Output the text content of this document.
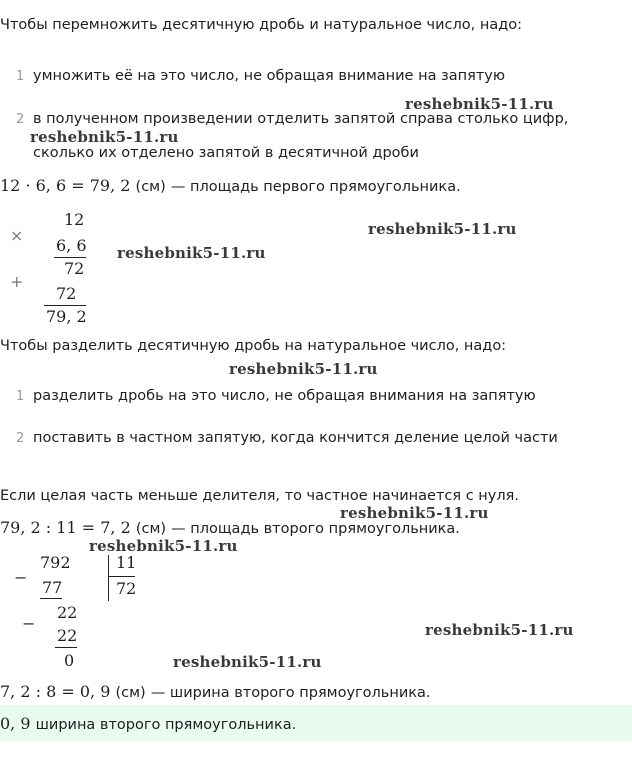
Чтобы перемножить десятичную дробь и натуральное число, надо:
1 умножить её на это число, не обращая внимание на запятую
2 в полученном произведении отделить запятой справа столько цифр,
сколько их отделено запятой в десятичной дроби
12 · 6, 6 = 79, 2 (см) — площадь первого прямоугольника.
×
12
6, 6
72
+
72
79, 2
Чтобы разделить десятичную дробь на натуральное число, надо:
1 разделить дробь на это число, не обращая внимания на запятую
2 поставить в частном запятую, когда кончится деление целой части
Если целая часть меньше делителя, то частное начинается с нуля.
79, 2 : 11 = 7, 2 (см) — площадь второго прямоугольника.
−
792
77
11
72
−
22
22
0
7, 2 : 8 = 0, 9 (см) — ширина второго прямоугольника.
0, 9 ширина второго прямоугольника.
reshebnik5-11.ru
reshebnik5-11.ru
reshebnik5-11.ru
reshebnik5-11.ru
reshebnik5-11.ru
reshebnik5-11.ru
reshebnik5-11.ru
reshebnik5-11.ru
reshebnik5-11.ru
